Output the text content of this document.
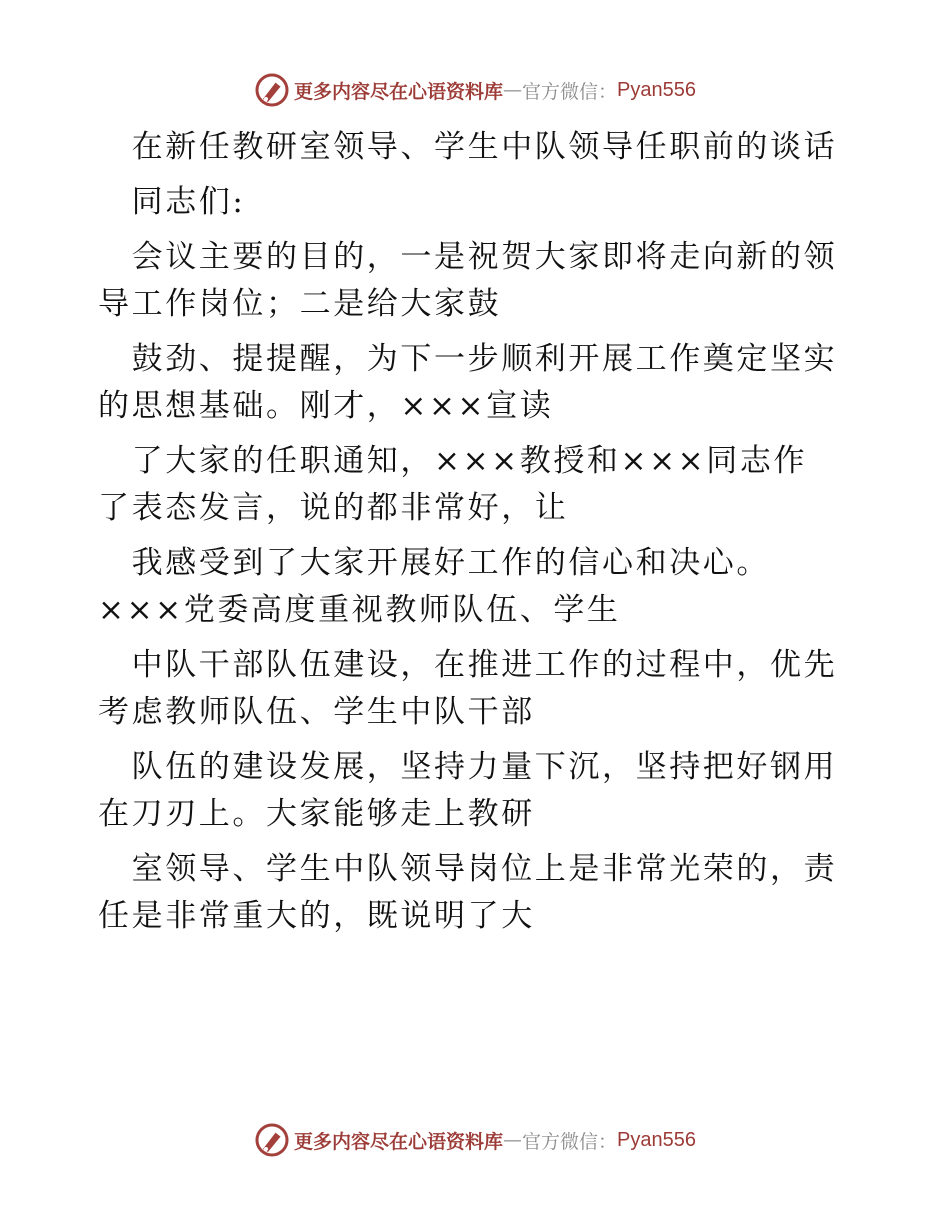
更多内容尽在心语资料库 — 官方微信： Pyan556
　在新任教研室领导、学生中队领导任职前的谈话
　同志们:
　会议主要的目的，一是祝贺大家即将走向新的领
导工作岗位；二是给大家鼓
　鼓劲、提提醒，为下一步顺利开展工作奠定坚实
的思想基础。刚才，×××宣读
　了大家的任职通知，×××教授和×××同志作
了表态发言，说的都非常好，让
　我感受到了大家开展好工作的信心和决心。
×××党委高度重视教师队伍、学生
　中队干部队伍建设，在推进工作的过程中，优先
考虑教师队伍、学生中队干部
　队伍的建设发展，坚持力量下沉，坚持把好钢用
在刀刃上。大家能够走上教研
　室领导、学生中队领导岗位上是非常光荣的，责
任是非常重大的，既说明了大
更多内容尽在心语资料库 — 官方微信： Pyan556
